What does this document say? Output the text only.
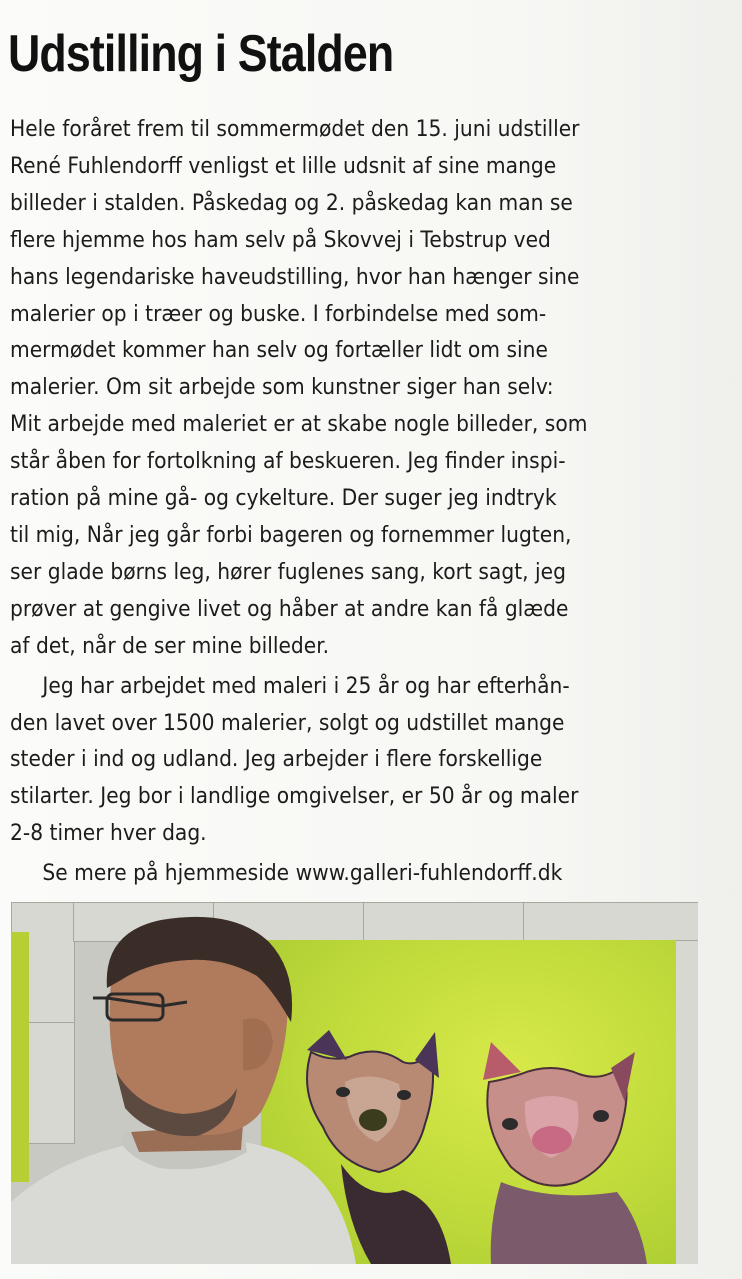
Udstilling i Stalden

Hele foråret frem til sommermødet den 15. juni udstiller
René Fuhlendorff venligst et lille udsnit af sine mange
billeder i stalden. Påskedag og 2. påskedag kan man se
flere hjemme hos ham selv på Skovvej i Tebstrup ved
hans legendariske haveudstilling, hvor han hænger sine
malerier op i træer og buske. I forbindelse med som-
mermødet kommer han selv og fortæller lidt om sine
malerier. Om sit arbejde som kunstner siger han selv:
Mit arbejde med maleriet er at skabe nogle billeder, som
står åben for fortolkning af beskueren. Jeg finder inspi-
ration på mine gå- og cykelture. Der suger jeg indtryk
til mig, Når jeg går forbi bageren og fornemmer lugten,
ser glade børns leg, hører fuglenes sang, kort sagt, jeg
prøver at gengive livet og håber at andre kan få glæde
af det, når de ser mine billeder.

Jeg har arbejdet med maleri i 25 år og har efterhån-
den lavet over 1500 malerier, solgt og udstillet mange
steder i ind og udland. Jeg arbejder i flere forskellige
stilarter. Jeg bor i landlige omgivelser, er 50 år og maler
2-8 timer hver dag.

Se mere på hjemmeside www.galleri-fuhlendorff.dk
